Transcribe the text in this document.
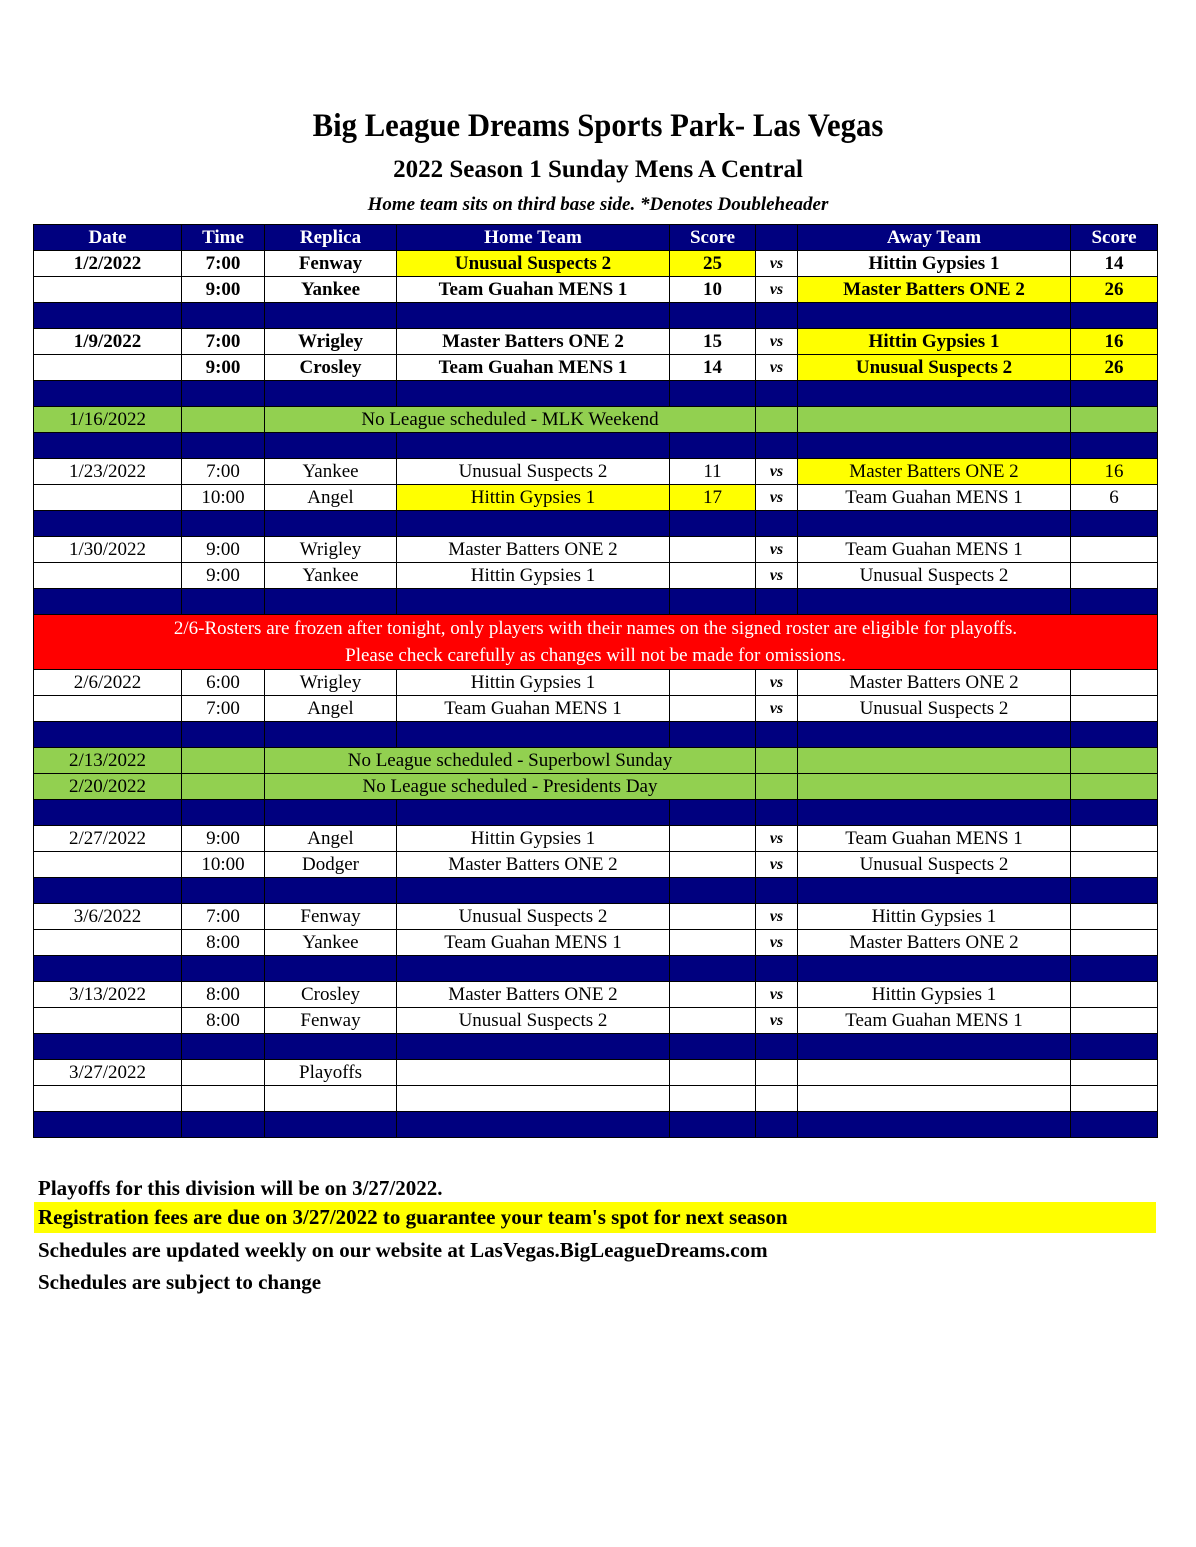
Big League Dreams Sports Park- Las Vegas
2022 Season 1 Sunday Mens A Central
Home team sits on third base side. *Denotes Doubleheader
Date	Time	Replica	Home Team	Score		Away Team	Score
1/2/2022	7:00	Fenway	Unusual Suspects 2	25	vs	Hittin Gypsies 1	14
	9:00	Yankee	Team Guahan MENS 1	10	vs	Master Batters ONE 2	26

1/9/2022	7:00	Wrigley	Master Batters ONE 2	15	vs	Hittin Gypsies 1	16
	9:00	Crosley	Team Guahan MENS 1	14	vs	Unusual Suspects 2	26

1/16/2022		No League scheduled - MLK Weekend					

1/23/2022	7:00	Yankee	Unusual Suspects 2	11	vs	Master Batters ONE 2	16
	10:00	Angel	Hittin Gypsies 1	17	vs	Team Guahan MENS 1	6

1/30/2022	9:00	Wrigley	Master Batters ONE 2		vs	Team Guahan MENS 1	
	9:00	Yankee	Hittin Gypsies 1		vs	Unusual Suspects 2	

2/6-Rosters are frozen after tonight, only players with their names on the signed roster are eligible for playoffs.
Please check carefully as changes will not be made for omissions.							

2/6/2022	6:00	Wrigley	Hittin Gypsies 1		vs	Master Batters ONE 2	
	7:00	Angel	Team Guahan MENS 1		vs	Unusual Suspects 2	

2/13/2022		No League scheduled - Superbowl Sunday					
2/20/2022		No League scheduled - Presidents Day					

2/27/2022	9:00	Angel	Hittin Gypsies 1		vs	Team Guahan MENS 1	
	10:00	Dodger	Master Batters ONE 2		vs	Unusual Suspects 2	

3/6/2022	7:00	Fenway	Unusual Suspects 2		vs	Hittin Gypsies 1	
	8:00	Yankee	Team Guahan MENS 1		vs	Master Batters ONE 2	

3/13/2022	8:00	Crosley	Master Batters ONE 2		vs	Hittin Gypsies 1	
	8:00	Fenway	Unusual Suspects 2		vs	Team Guahan MENS 1	

3/27/2022		Playoffs					

Playoffs for this division will be on 3/27/2022.
Registration fees are due on 3/27/2022 to guarantee your team's spot for next season
Schedules are updated weekly on our website at LasVegas.BigLeagueDreams.com
Schedules are subject to change
